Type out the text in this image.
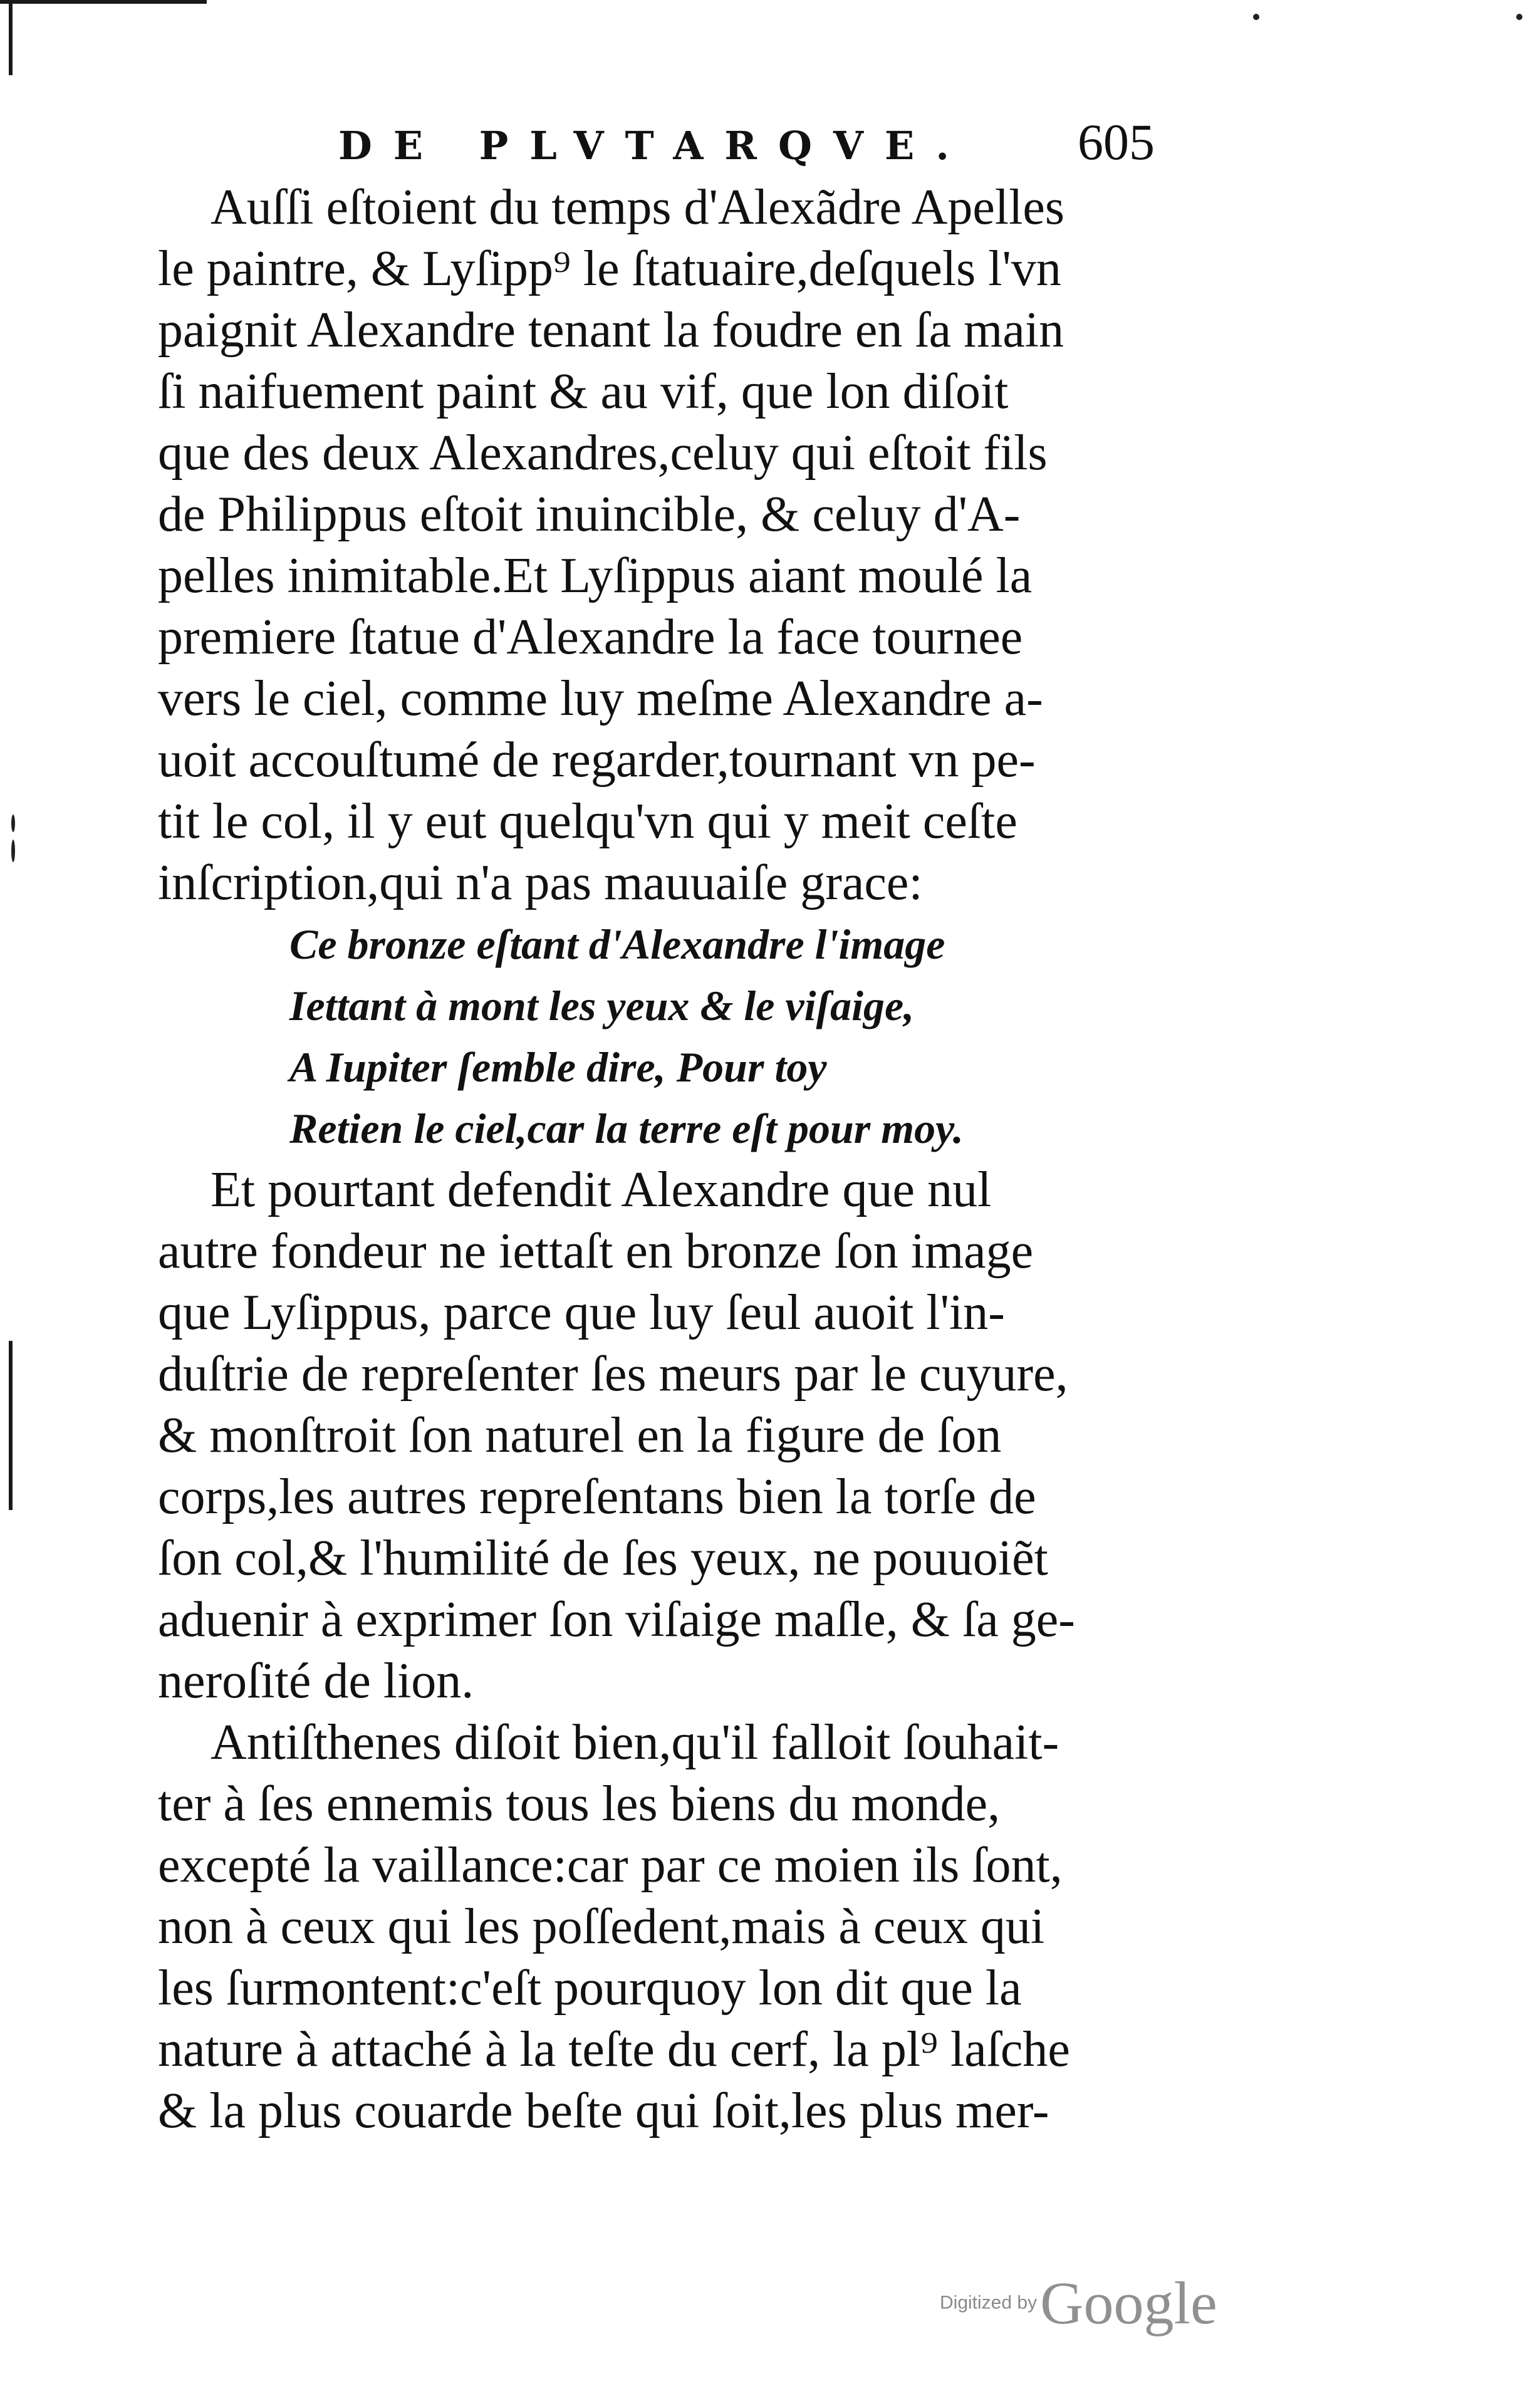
DE PLVTARQVE. 605
Auſſi eſtoient du temps d'Alexãdre Apelles
le paintre, & Lyſipp⁹ le ſtatuaire,deſquels l'vn
paignit Alexandre tenant la foudre en ſa main
ſi naifuement paint & au vif, que lon diſoit
que des deux Alexandres,celuy qui eſtoit fils
de Philippus eſtoit inuincible, & celuy d'A-
pelles inimitable.Et Lyſippus aiant moulé la
premiere ſtatue d'Alexandre la face tournee
vers le ciel, comme luy meſme Alexandre a-
uoit accouſtumé de regarder,tournant vn pe-
tit le col, il y eut quelqu'vn qui y meit ceſte
inſcription,qui n'a pas mauuaiſe grace:
Ce bronze eſtant d'Alexandre l'image
Iettant à mont les yeux & le viſaige,
A Iupiter ſemble dire, Pour toy
Retien le ciel,car la terre eſt pour moy.
Et pourtant defendit Alexandre que nul
autre fondeur ne iettaſt en bronze ſon image
que Lyſippus, parce que luy ſeul auoit l'in-
duſtrie de repreſenter ſes meurs par le cuyure,
& monſtroit ſon naturel en la figure de ſon
corps,les autres repreſentans bien la torſe de
ſon col,& l'humilité de ſes yeux, ne pouuoiẽt
aduenir à exprimer ſon viſaige maſle, & ſa ge-
neroſité de lion.
Antiſthenes diſoit bien,qu'il falloit ſouhait-
ter à ſes ennemis tous les biens du monde,
excepté la vaillance:car par ce moien ils ſont,
non à ceux qui les poſſedent,mais à ceux qui
les ſurmontent:c'eſt pourquoy lon dit que la
nature à attaché à la teſte du cerf, la pl⁹ laſche
& la plus couarde beſte qui ſoit,les plus mer-
Digitized by Google
